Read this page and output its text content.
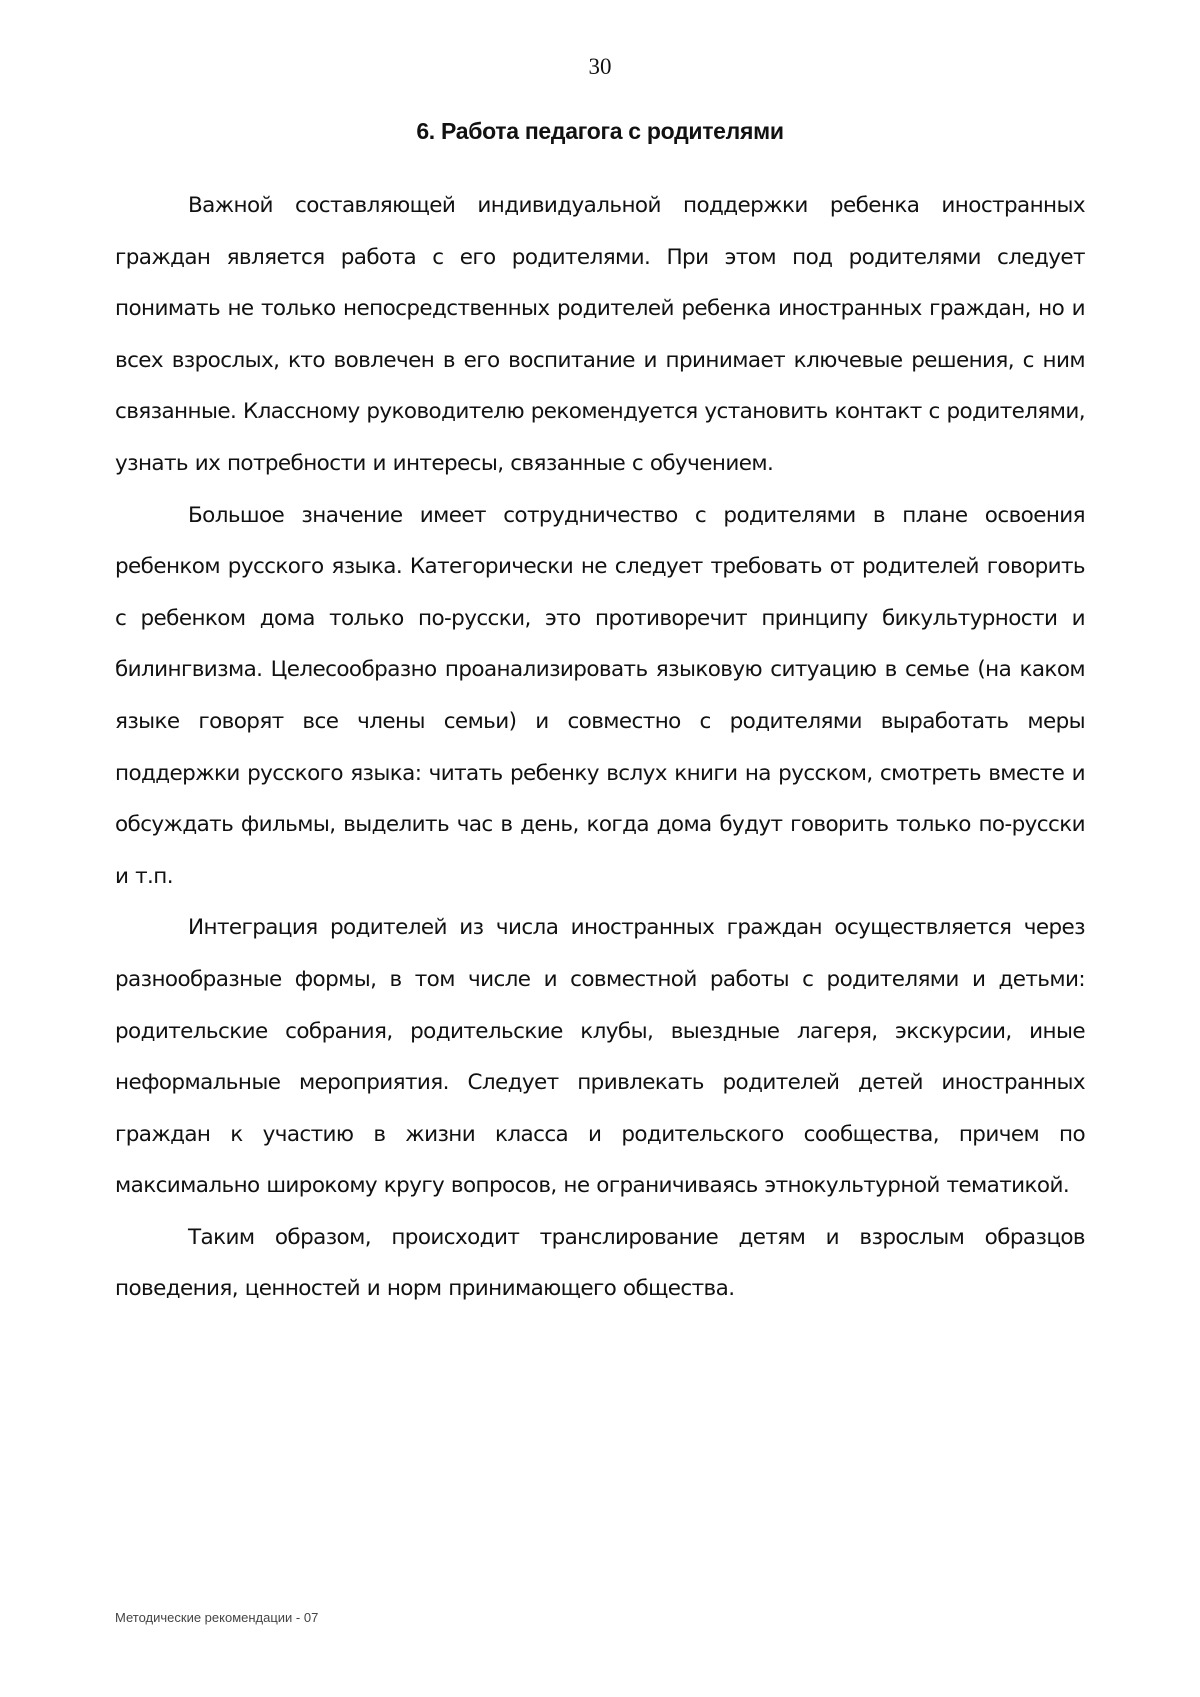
30
6. Работа педагога с родителями

Важной составляющей индивидуальной поддержки ребенка иностранных граждан является работа с его родителями. При этом под родителями следует понимать не только непосредственных родителей ребенка иностранных граждан, но и всех взрослых, кто вовлечен в его воспитание и принимает ключевые решения, с ним связанные. Классному руководителю рекомендуется установить контакт с родителями, узнать их потребности и интересы, связанные с обучением.

Большое значение имеет сотрудничество с родителями в плане освоения ребенком русского языка. Категорически не следует требовать от родителей говорить с ребенком дома только по-русски, это противоречит принципу бикультурности и билингвизма. Целесообразно проанализировать языковую ситуацию в семье (на каком языке говорят все члены семьи) и совместно с родителями выработать меры поддержки русского языка: читать ребенку вслух книги на русском, смотреть вместе и обсуждать фильмы, выделить час в день, когда дома будут говорить только по-русски и т.п.

Интеграция родителей из числа иностранных граждан осуществляется через разнообразные формы, в том числе и совместной работы с родителями и детьми: родительские собрания, родительские клубы, выездные лагеря, экскурсии, иные неформальные мероприятия. Следует привлекать родителей детей иностранных граждан к участию в жизни класса и родительского сообщества, причем по максимально широкому кругу вопросов, не ограничиваясь этнокультурной тематикой.

Таким образом, происходит транслирование детям и взрослым образцов поведения, ценностей и норм принимающего общества.

Методические рекомендации - 07
